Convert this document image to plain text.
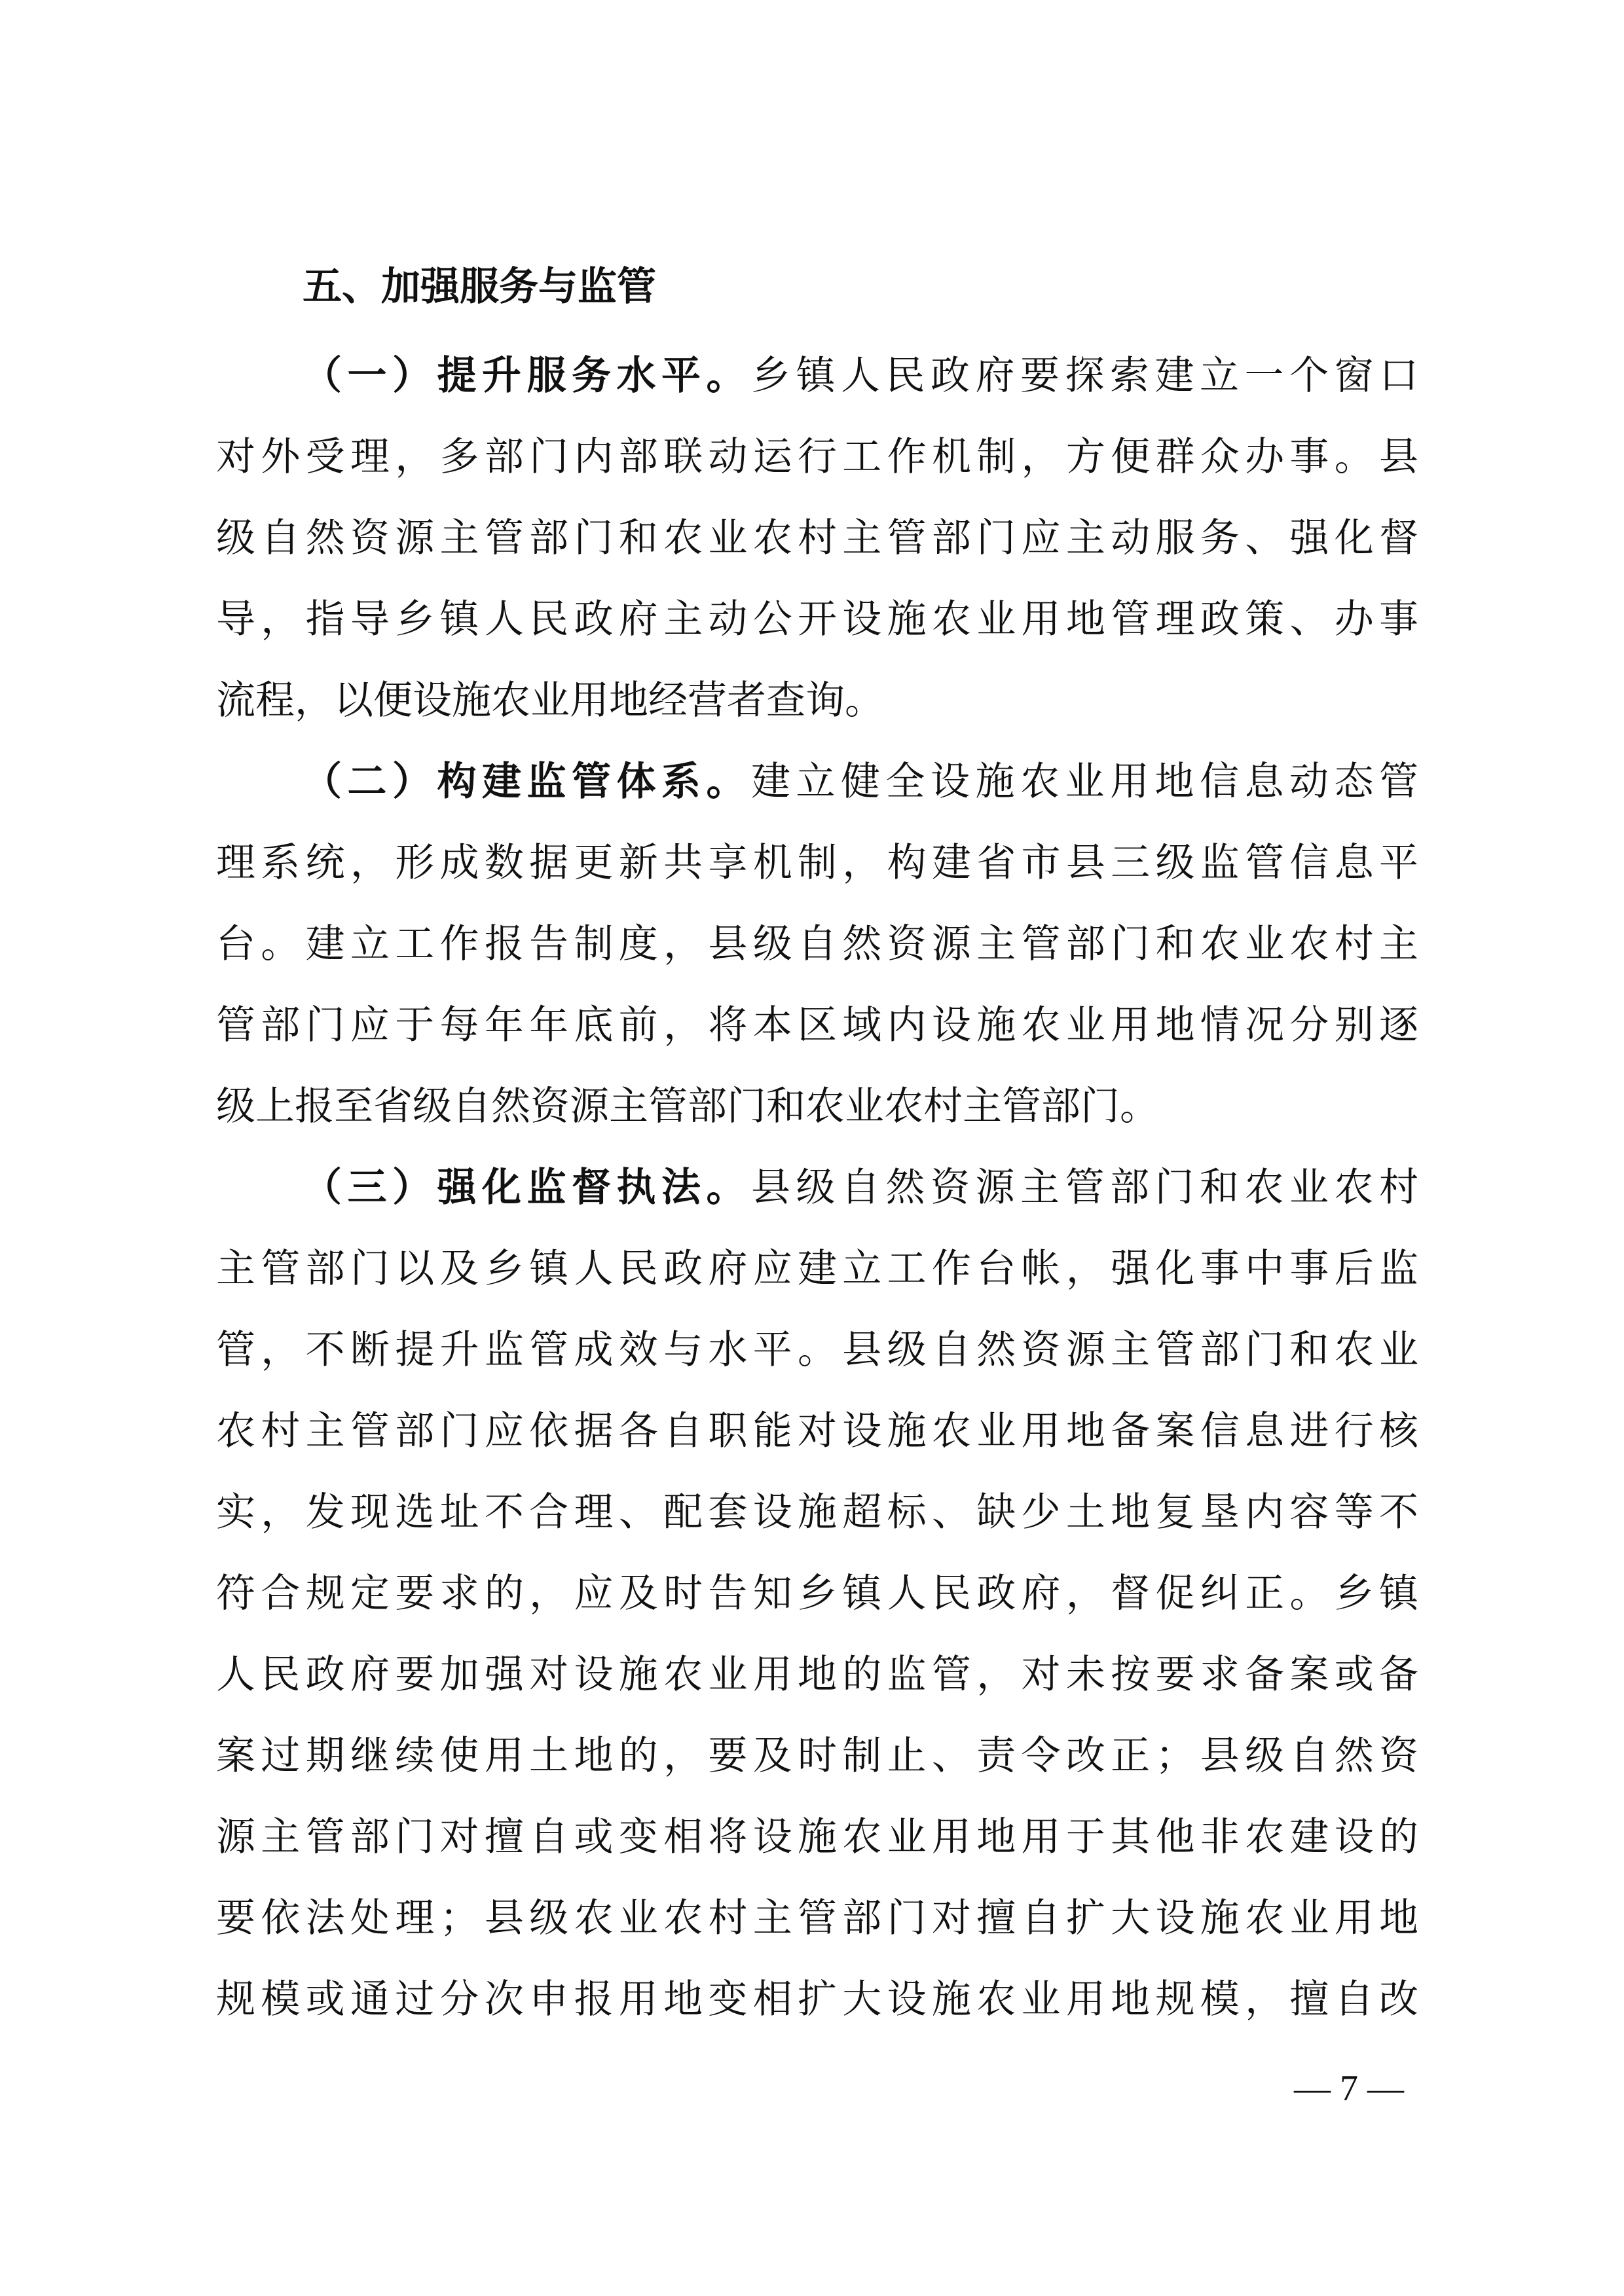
五、加强服务与监管
（一）提升服务水平。乡镇人民政府要探索建立一个窗口
对外受理，多部门内部联动运行工作机制，方便群众办事。县
级自然资源主管部门和农业农村主管部门应主动服务、强化督
导，指导乡镇人民政府主动公开设施农业用地管理政策、办事
流程，以便设施农业用地经营者查询。
（二）构建监管体系。建立健全设施农业用地信息动态管
理系统，形成数据更新共享机制，构建省市县三级监管信息平
台。建立工作报告制度，县级自然资源主管部门和农业农村主
管部门应于每年年底前，将本区域内设施农业用地情况分别逐
级上报至省级自然资源主管部门和农业农村主管部门。
（三）强化监督执法。县级自然资源主管部门和农业农村
主管部门以及乡镇人民政府应建立工作台帐，强化事中事后监
管，不断提升监管成效与水平。县级自然资源主管部门和农业
农村主管部门应依据各自职能对设施农业用地备案信息进行核
实，发现选址不合理、配套设施超标、缺少土地复垦内容等不
符合规定要求的，应及时告知乡镇人民政府，督促纠正。乡镇
人民政府要加强对设施农业用地的监管，对未按要求备案或备
案过期继续使用土地的，要及时制止、责令改正；县级自然资
源主管部门对擅自或变相将设施农业用地用于其他非农建设的
要依法处理；县级农业农村主管部门对擅自扩大设施农业用地
规模或通过分次申报用地变相扩大设施农业用地规模，擅自改
— 7 —
